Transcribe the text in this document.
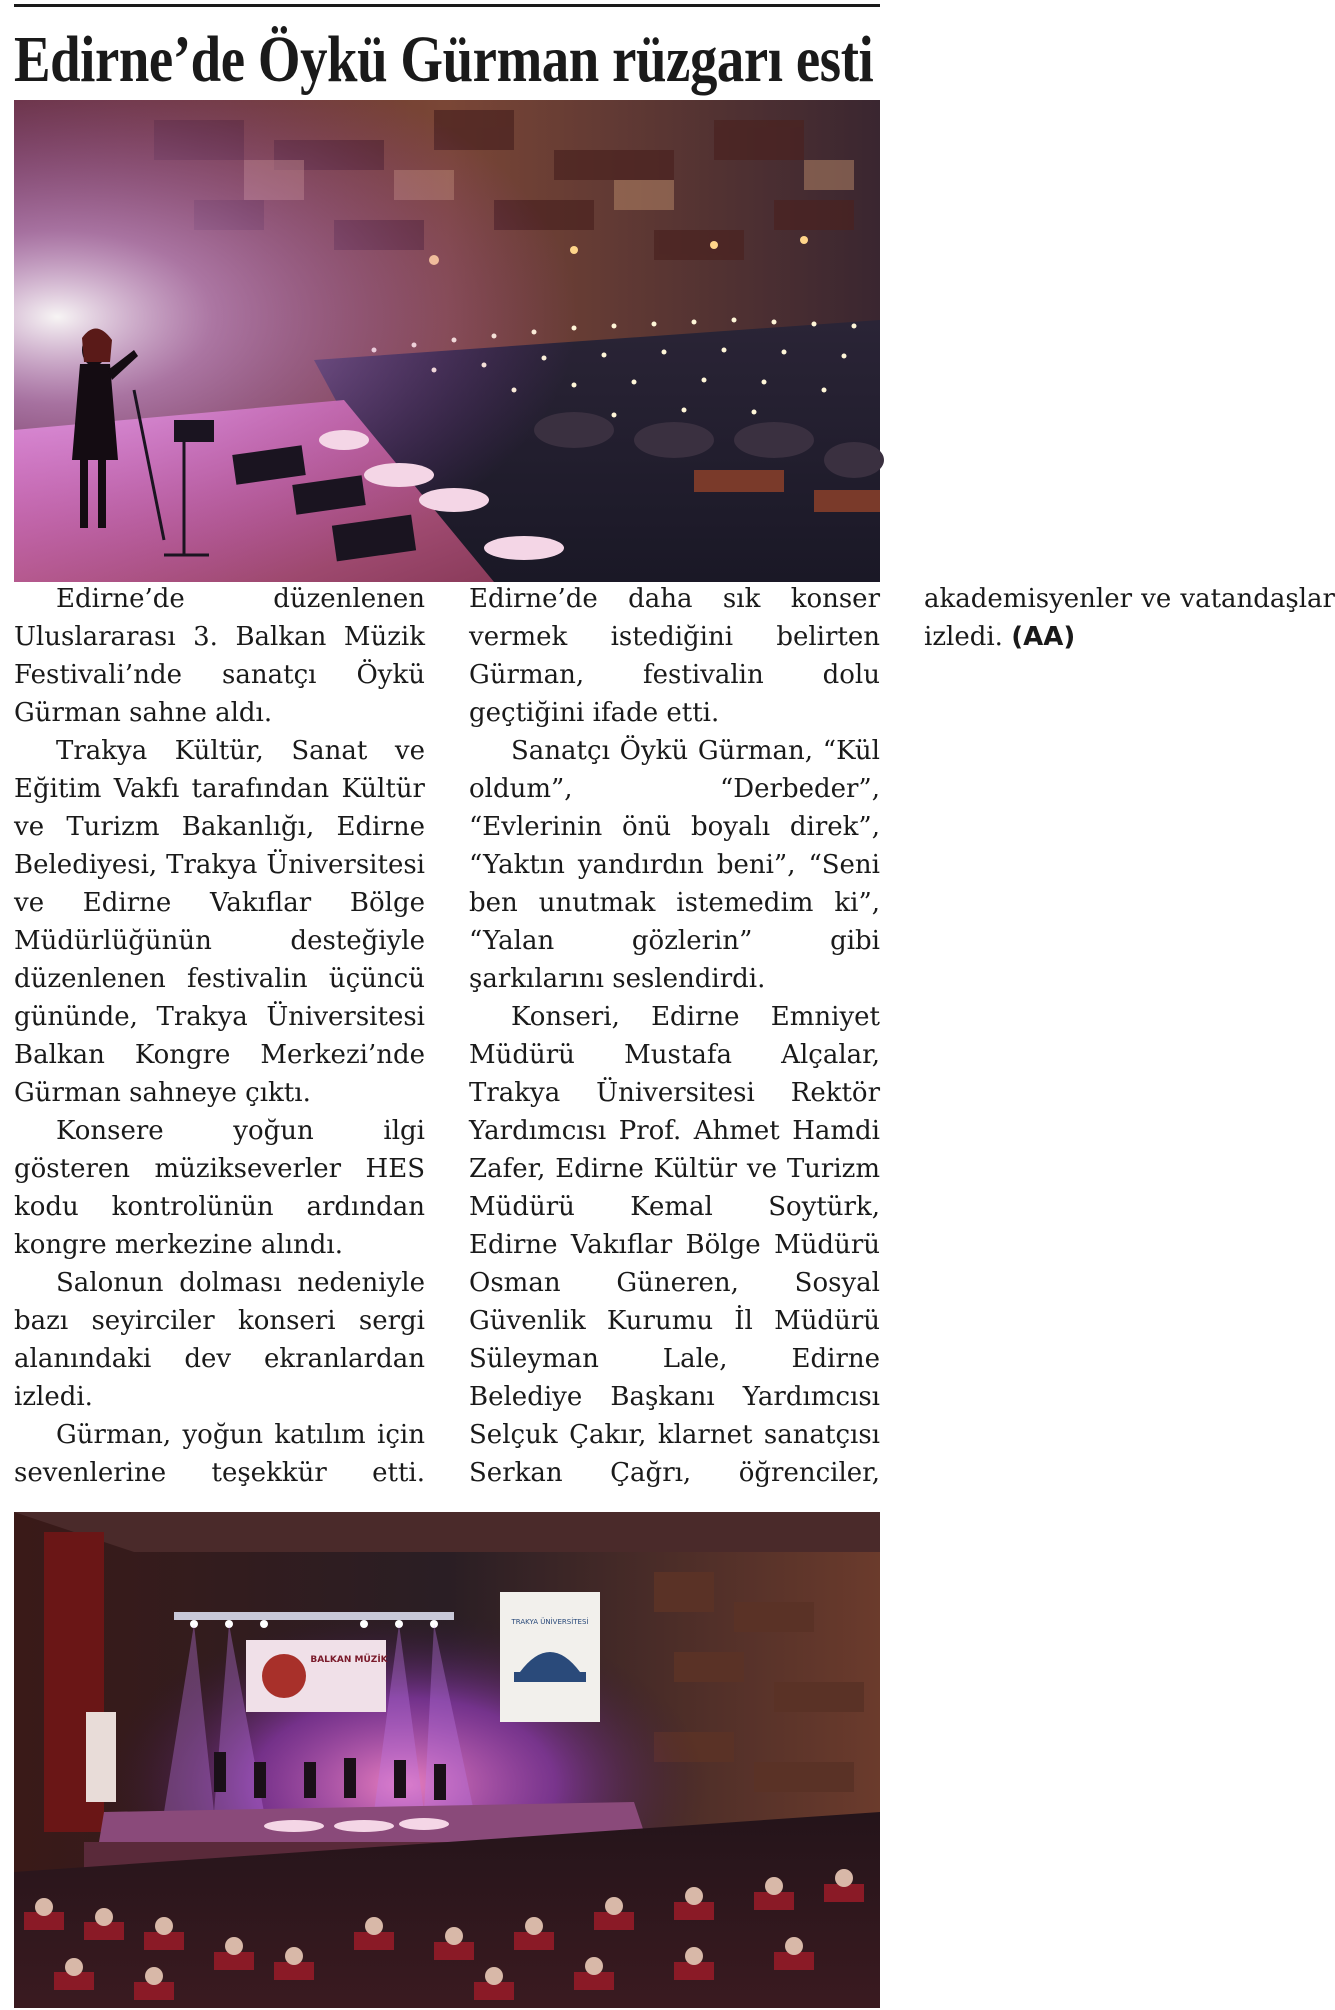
Edirne’de Öykü Gürman rüzgarı esti

Edirne’de düzenlenen Uluslararası 3. Balkan Müzik Festivali’nde sanatçı Öykü Gürman sahne aldı.

Trakya Kültür, Sanat ve Eğitim Vakfı tarafından Kültür ve Turizm Bakanlığı, Edirne Belediyesi, Trakya Üniversitesi ve Edirne Vakıflar Bölge Müdürlüğünün desteğiyle düzenlenen festivalin üçüncü gününde, Trakya Üniversitesi Balkan Kongre Merkezi’nde Gürman sahneye çıktı.

Konsere yoğun ilgi gösteren müzikseverler HES kodu kontrolünün ardından kongre merkezine alındı.

Salonun dolması nedeniyle bazı seyirciler konseri sergi alanındaki dev ekranlardan izledi.

Gürman, yoğun katılım için sevenlerine teşekkür etti. Edirne’de daha sık konser vermek istediğini belirten Gürman, festivalin dolu geçtiğini ifade etti.

Sanatçı Öykü Gürman, “Kül oldum”, “Derbeder”, “Evlerinin önü boyalı direk”, “Yaktın yandırdın beni”, “Seni ben unutmak istemedim ki”, “Yalan gözlerin” gibi şarkılarını seslendirdi.

Konseri, Edirne Emniyet Müdürü Mustafa Alçalar, Trakya Üniversitesi Rektör Yardımcısı Prof. Ahmet Hamdi Zafer, Edirne Kültür ve Turizm Müdürü Kemal Soytürk, Edirne Vakıflar Bölge Müdürü Osman Güneren, Sosyal Güvenlik Kurumu İl Müdürü Süleyman Lale, Edirne Belediye Başkanı Yardımcısı Selçuk Çakır, klarnet sanatçısı Serkan Çağrı, öğrenciler, akademisyenler ve vatandaşlar izledi. (AA)

BALKAN MÜZİK
TRAKYA ÜNİVERSİTESİ
